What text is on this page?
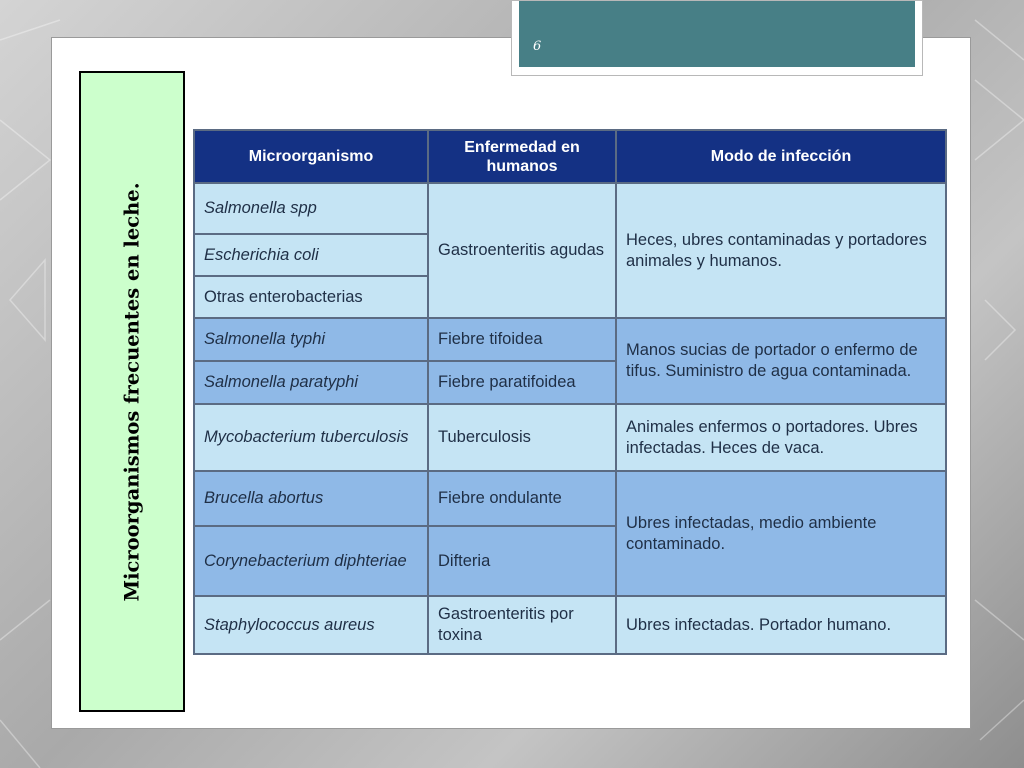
6
Microorganismos frecuentes en leche.
Microorganismo	Enfermedad en humanos	Modo de infección
Salmonella spp	Gastroenteritis agudas	Heces, ubres contaminadas y portadores animales y humanos.
Escherichia coli		
Otras enterobacterias		
Salmonella typhi	Fiebre tifoidea	Manos sucias de portador o enfermo de tifus. Suministro de agua contaminada.
Salmonella paratyphi	Fiebre paratifoidea	
Mycobacterium tuberculosis	Tuberculosis	Animales enfermos o portadores. Ubres infectadas. Heces de vaca.
Brucella abortus	Fiebre ondulante	Ubres infectadas, medio ambiente contaminado.
Corynebacterium diphteriae	Difteria	
Staphylococcus aureus	Gastroenteritis por toxina	Ubres infectadas. Portador humano.
